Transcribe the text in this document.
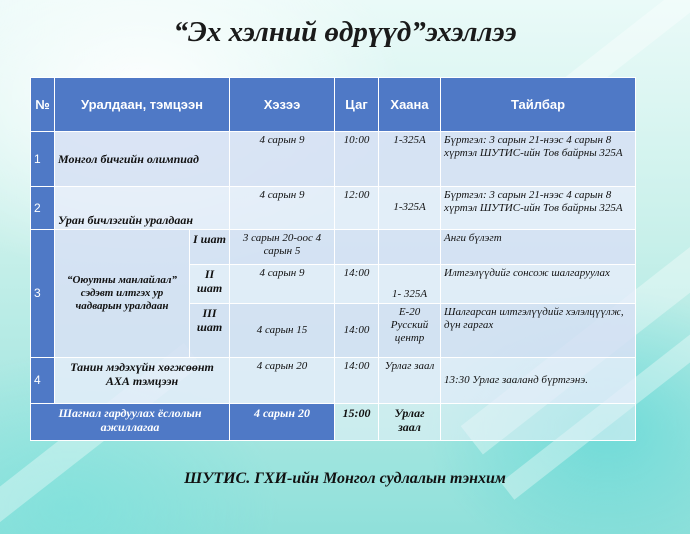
“Эх хэлний өдрүүд”эхэллээ
№	Уралдаан, тэмцээн		Хэзээ	Цаг	Хаана	Тайлбар
1	Монгол бичгийн олимпиад		4 сарын 9	10:00	1-325А	Бүртгэл: 3 сарын 21-нээс 4 сарын 8 хүртэл ШУТИС-ийн Тов байрны 325А
2	Уран бичлэгийн уралдаан		4 сарын 9	12:00	1-325А	Бүртгэл: 3 сарын 21-нээс 4 сарын 8 хүртэл ШУТИС-ийн Тов байрны 325А
3	“Оюутны манлайлал” сэдэвт илтгэх ур чадварын уралдаан	I шат	3 сарын 20-оос 4 сарын 5			Анги бүлэгт
		II шат	4 сарын 9	14:00	1- 325А	Илтгэлүүдийг сонсож шалгаруулах
		III шат	4 сарын 15	14:00	Е-20 Русский центр	Шалгарсан илтгэлүүдийг хэлэлцүүлж, дүн гаргах
4	Танин мэдэхүйн хөгжөөнт АХА тэмцээн		4 сарын 20	14:00	Урлаг заал	13:30 Урлаг зааланд бүртгэнэ.
Шагнал гардуулах ёслолын ажиллагаа			4 сарын 20	15:00	Урлаг заал	
ШУТИС. ГХИ-ийн Монгол судлалын тэнхим
